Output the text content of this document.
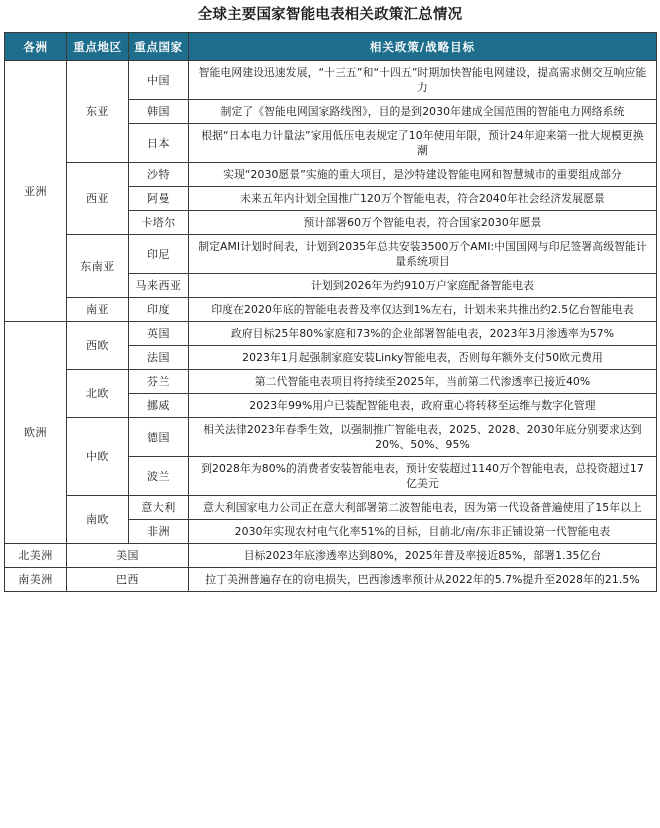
全球主要国家智能电表相关政策汇总情况
各洲	重点地区	重点国家	相关政策/战略目标
亚洲	东亚	中国	智能电网建设迅速发展，“十三五”和“十四五”时期加快智能电网建设，提高需求侧交互响应能力
		韩国	制定了《智能电网国家路线图》，目的是到2030年建成全国范围的智能电力网络系统
		日本	根据“日本电力计量法”家用低压电表规定了10年使用年限，预计24年迎来第一批大规模更换潮
	西亚	沙特	实现“2030愿景”实施的重大项目，是沙特建设智能电网和智慧城市的重要组成部分
		阿曼	未来五年内计划全国推广120万个智能电表，符合2040年社会经济发展愿景
		卡塔尔	预计部署60万个智能电表，符合国家2030年愿景
	东南亚	印尼	制定AMI计划时间表，计划到2035年总共安装3500万个AMI:中国国网与印尼签署高级智能计量系统项目
		马来西亚	计划到2026年为约910万户家庭配备智能电表
	南亚	印度	印度在2020年底的智能电表普及率仅达到1%左右，计划未来共推出约2.5亿台智能电表
欧洲	西欧	英国	政府目标25年80%家庭和73%的企业部署智能电表，2023年3月渗透率为57%
		法国	2023年1月起强制家庭安装Linky智能电表，否则每年额外支付50欧元费用
	北欧	芬兰	第二代智能电表项目将持续至2025年，当前第二代渗透率已接近40%
		挪威	2023年99%用户已装配智能电表，政府重心将转移至运维与数字化管理
	中欧	德国	相关法律2023年春季生效，以强制推广智能电表，2025、2028、2030年底分别要求达到20%、50%、95%
		波兰	到2028年为80%的消费者安装智能电表，预计安装超过1140万个智能电表，总投资超过17亿美元
	南欧	意大利	意大利国家电力公司正在意大利部署第二波智能电表，因为第一代设备普遍使用了15年以上
		非洲	2030年实现农村电气化率51%的目标，目前北/南/东非正铺设第一代智能电表
北美洲	美国		目标2023年底渗透率达到80%，2025年普及率接近85%，部署1.35亿台
南美洲	巴西		拉丁美洲普遍存在的窃电损失，巴西渗透率预计从2022年的5.7%提升至2028年的21.5%
